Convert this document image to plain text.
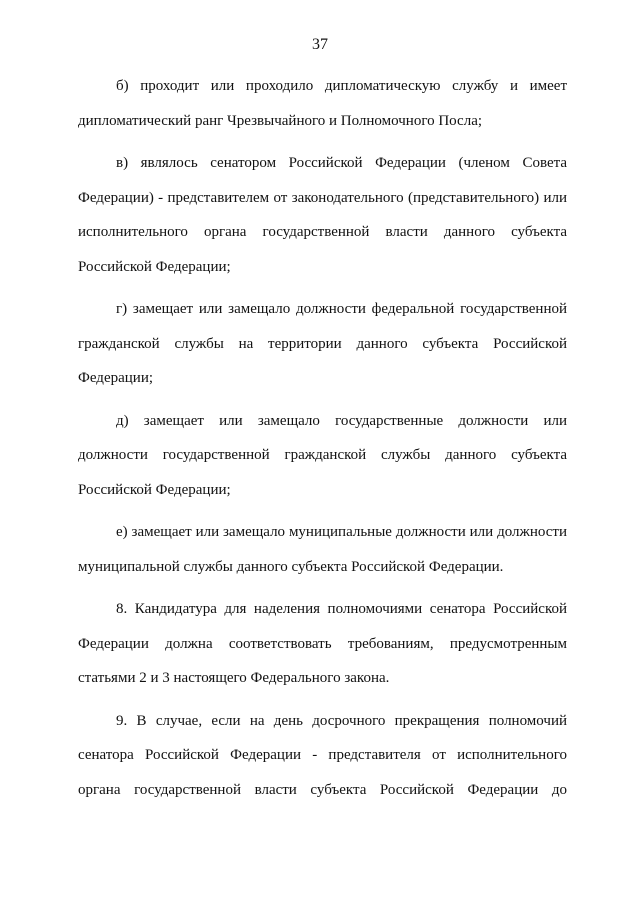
37

б) проходит или проходило дипломатическую службу и имеет дипломатический ранг Чрезвычайного и Полномочного Посла;

в) являлось сенатором Российской Федерации (членом Совета Федерации) - представителем от законодательного (представительного) или исполнительного органа государственной власти данного субъекта Российской Федерации;

г) замещает или замещало должности федеральной государственной гражданской службы на территории данного субъекта Российской Федерации;

д) замещает или замещало государственные должности или должности государственной гражданской службы данного субъекта Российской Федерации;

е) замещает или замещало муниципальные должности или должности муниципальной службы данного субъекта Российской Федерации.

8. Кандидатура для наделения полномочиями сенатора Российской Федерации должна соответствовать требованиям, предусмотренным статьями 2 и 3 настоящего Федерального закона.

9. В случае, если на день досрочного прекращения полномочий сенатора Российской Федерации - представителя от исполнительного органа государственной власти субъекта Российской Федерации до
